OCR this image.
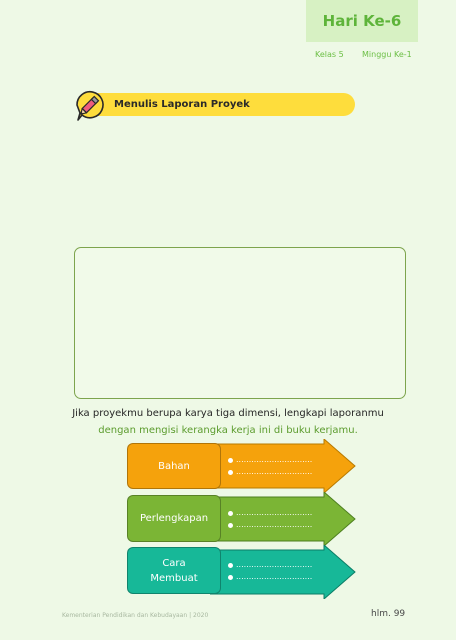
Hari Ke-6
Kelas 5 Minggu Ke-1
Menulis Laporan Proyek
Jika proyekmu berupa karya tiga dimensi, lengkapi laporanmu
dengan mengisi kerangka kerja ini di buku kerjamu.
Bahan
..............................
..............................
Perlengkapan
..............................
..............................
Cara
Membuat
..............................
..............................
Kementerian Pendidikan dan Kebudayaan | 2020	hlm. 99
